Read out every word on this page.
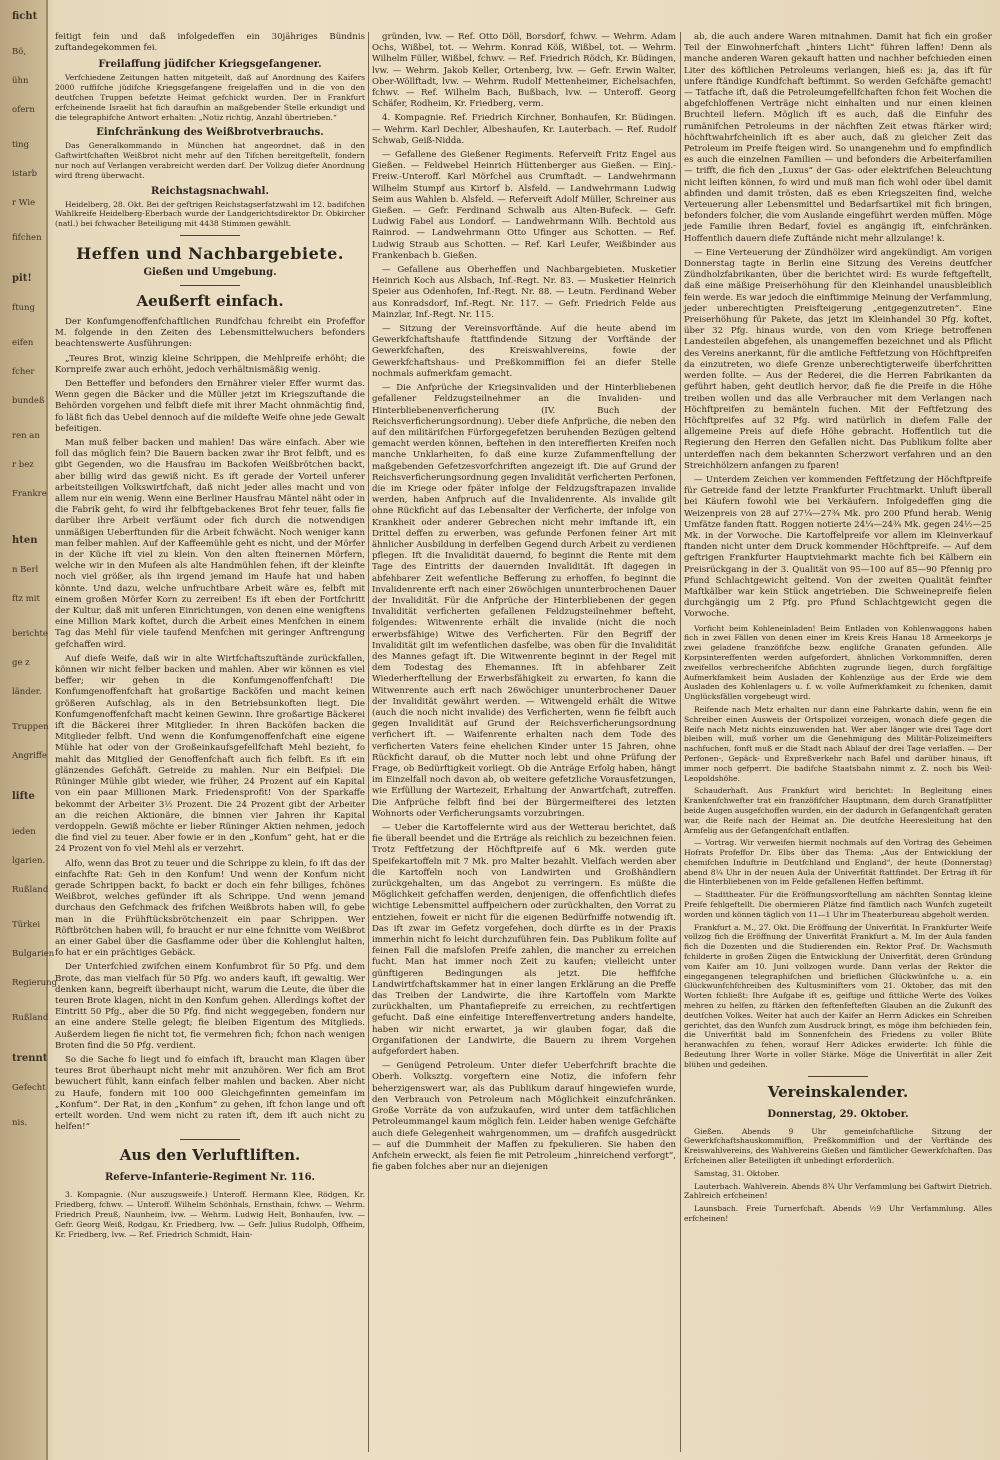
ficht

Bö,

ühn

ofern

ting

istarb

r Wie

fifchen

pit!

ftung

eifen

fcher

bundeß

ren an

r bez

Frankre

hten

n Berl

ftz mit

berichte

ge z

länder.

Truppen

Angriffe

lifte

ieden

lgarien.

Rußland

Türkei

Bulgarien

Regierung

Rußland

trennt

Gefecht

nis.

feitigt fein und daß infolgedeffen ein 30jähriges Bündnis zuftandegekommen fei.

Freilaffung jüdifcher Kriegsgefangener.

Verfchiedene Zeitungen hatten mitgeteilt, daß auf Anordnung des Kaifers 2000 ruffifche jüdifche Kriegsgefangene freigelaffen und in die von den deutfchen Truppen befetzte Heimat gefchickt wurden. Der in Frankfurt erfcheinende Israelit hat fich daraufhin an maßgebender Stelle erkundigt und die telegraphifche Antwort erhalten: „Notiz richtig, Anzahl übertrieben.“

Einfchränkung des Weißbrotverbrauchs.

Das Generalkommando in München hat angeordnet, daß in den Gaftwirtfchaften Weißbrot nicht mehr auf den Tifchen bereitgeftellt, fondern nur noch auf Verlangen verabreicht werden darf. Der Vollzug diefer Anordnung wird ftreng überwacht.

Reichstagsnachwahl.

Heidelberg, 28. Okt. Bei der geftrigen Reichstagserfatzwahl im 12. badifchen Wahlkreife Heidelberg-Eberbach wurde der Landgerichtsdirektor Dr. Obkircher (natl.) bei fchwacher Beteiligung mit 4438 Stimmen gewählt.

Heffen und Nachbargebiete.
Gießen und Umgebung.
Aeußerft einfach.

Der Konfumgenoffenfchaftlichen Rundfchau fchreibt ein Profeffor M. folgende in den Zeiten des Lebensmittelwuchers befonders beachtenswerte Ausführungen:

„Teures Brot, winzig kleine Schrippen, die Mehlpreife erhöht; die Kornpreife zwar auch erhöht, jedoch verhältnismäßig wenig.

Den Betteffer und befonders den Ernährer vieler Effer wurmt das. Wenn gegen die Bäcker und die Müller jetzt im Kriegszuftande die Behörden vorgehen und felbft diefe mit ihrer Macht ohnmächtig find, fo läßt fich das Uebel dennoch auf die mildefte Weife ohne jede Gewalt befeitigen.

Man muß felber backen und mahlen! Das wäre einfach. Aber wie foll das möglich fein? Die Bauern backen zwar ihr Brot felbft, und es gibt Gegenden, wo die Hausfrau im Backofen Weißbrötchen backt, aber billig wird das gewiß nicht. Es ift gerade der Vorteil unferer arbeitsteiligen Volkswirtfchaft, daß nicht jeder alles macht und von allem nur ein wenig. Wenn eine Berliner Hausfrau Mäntel näht oder in die Fabrik geht, fo wird ihr felbftgebackenes Brot fehr teuer, falls fie darüber ihre Arbeit verfäumt oder fich durch die notwendigen unmäßigen Ueberftunden für die Arbeit fchwächt. Noch weniger kann man felber mahlen. Auf der Kaffeemühle geht es nicht, und der Mörfer in der Küche ift viel zu klein. Von den alten fteinernen Mörfern, welche wir in den Mufeen als alte Handmühlen fehen, ift der kleinfte noch viel größer, als ihn irgend jemand im Haufe hat und haben könnte. Und dazu, welche unfruchtbare Arbeit wäre es, felbft mit einem großen Mörfer Korn zu zerreiben! Es ift eben der Fortfchritt der Kultur, daß mit unferen Einrichtungen, von denen eine wenigftens eine Million Mark koftet, durch die Arbeit eines Menfchen in einem Tag das Mehl für viele taufend Menfchen mit geringer Anftrengung gefchaffen wird.

Auf diefe Weife, daß wir in alte Wirtfchaftszuftände zurückfallen, können wir nicht felber backen und mahlen. Aber wir können es viel beffer; wir gehen in die Konfumgenoffenfchaft! Die Konfumgenoffenfchaft hat großartige Backöfen und macht keinen größeren Aufschlag, als in den Betriebsunkoften liegt. Die Konfumgenoffenfchaft macht keinen Gewinn. Ihre großartige Bäckerei ift die Bäckerei ihrer Mitglieder. In ihren Backöfen backen die Mitglieder felbft. Und wenn die Konfumgenoffenfchaft eine eigene Mühle hat oder von der Großeinkaufsgefellfchaft Mehl bezieht, fo mahlt das Mitglied der Genoffenfchaft auch fich felbft. Es ift ein glänzendes Gefchäft. Getreide zu mahlen. Nur ein Beifpiel: Die Rüninger Mühle gibt wieder, wie früher, 24 Prozent auf ein Kapital von ein paar Millionen Mark. Friedensprofit! Von der Sparkaffe bekommt der Arbeiter 3½ Prozent. Die 24 Prozent gibt der Arbeiter an die reichen Aktionäre, die binnen vier Jahren ihr Kapital verdoppeln. Gewiß möchte er lieber Rüninger Aktien nehmen, jedoch die find viel zu teuer. Aber fowie er in den „Konfum“ geht, hat er die 24 Prozent von fo viel Mehl als er verzehrt.

Alfo, wenn das Brot zu teuer und die Schrippe zu klein, fo ift das der einfachfte Rat: Geh in den Konfum! Und wenn der Konfum nicht gerade Schrippen backt, fo backt er doch ein fehr billiges, fchönes Weißbrot, welches gefünder ift als Schrippe. Und wenn jemand durchaus den Gefchmack des frifchen Weißbrots haben will, fo gebe man in die Frühftücksbrötchenzeit ein paar Schrippen. Wer Röftbrötchen haben will, fo braucht er nur eine fchnitte vom Weißbrot an einer Gabel über die Gasflamme oder über die Kohlenglut halten, fo hat er ein prächtiges Gebäck.

Der Unterfchied zwifchen einem Konfumbrot für 50 Pfg. und dem Brote, das man vielfach für 50 Pfg. wo anders kauft, ift gewaltig. Wer denken kann, begreift überhaupt nicht, warum die Leute, die über die teuren Brote klagen, nicht in den Konfum gehen. Allerdings koftet der Eintritt 50 Pfg., aber die 50 Pfg. find nicht weggegeben, fondern nur an eine andere Stelle gelegt; fie bleiben Eigentum des Mitglieds. Außerdem liegen fie nicht tot, fie vermehren fich; fchon nach wenigen Broten find die 50 Pfg. verdient.

So die Sache fo liegt und fo einfach ift, braucht man Klagen über teures Brot überhaupt nicht mehr mit anzuhören. Wer fich am Brot bewuchert fühlt, kann einfach felber mahlen und backen. Aber nicht zu Haufe, fondern mit 100 000 Gleichgefinnten gemeinfam im „Konfum“. Der Rat, in den „Konfum“ zu gehen, ift fchon lange und oft erteilt worden. Und wem nicht zu raten ift, dem ift auch nicht zu helfen!“

Aus den Verluftliften.
Referve-Infanterie-Regiment Nr. 116.

3. Kompagnie. (Nur auszugsweife.) Unteroff. Hermann Klee, Rödgen, Kr. Friedberg, fchwv. — Unteroff. Wilhelm Schönhals, Ernsthain, fchwv. — Wehrm. Friedrich Preuß, Naunheim, lvw. — Wehrm. Ludwig Helt, Bonhaufen, lvw. — Gefr. Georg Weiß, Rodgau, Kr. Friedberg, lvw. — Gefr. Julius Rudolph, Offheim, Kr. Friedberg, lvw. — Ref. Friedrich Schmidt, Hain-

gründen, lvw. — Ref. Otto Döll, Borsdorf, fchwv. — Wehrm. Adam Ochs, Wißbel, tot. — Wehrm. Konrad Köß, Wißbel, tot. — Wehrm. Wilhelm Füller, Wißbel, fchwv. — Ref. Friedrich Rödch, Kr. Büdingen, lvw. — Wehrm. Jakob Keller, Ortenberg, lvw. — Gefr. Erwin Walter, Ober-Wöllftadt, lvw. — Wehrm. Rudolf Mettenheimer, Eichelsachfen, fchwv. — Ref. Wilhelm Bach, Bußbach, lvw. — Unteroff. Georg Schäfer, Rodheim, Kr. Friedberg, verm.

4. Kompagnie. Ref. Friedrich Kirchner, Bonhaufen, Kr. Büdingen. — Wehrm. Karl Dechler, Albeshaufen, Kr. Lauterbach. — Ref. Rudolf Schwab, Geiß-Nidda.

— Gefallene des Gießener Regiments. Referveift Fritz Engel aus Gießen. — Feldwebel Heinrich Hüttenberger aus Gießen. — Einj.-Freiw.-Unteroff. Karl Mörfchel aus Crumftadt. — Landwehrmann Wilhelm Stumpf aus Kirtorf b. Alsfeld. — Landwehrmann Ludwig Seim aus Wahlen b. Alsfeld. — Referveift Adolf Müller, Schreiner aus Gießen. — Gefr. Ferdinand Schwalb aus Alten-Bufeck. — Gefr. Ludwig Fabel aus Londorf. — Landwehrmann Wilh. Bechtold aus Rainrod. — Landwehrmann Otto Ufinger aus Schotten. — Ref. Ludwig Straub aus Schotten. — Ref. Karl Leufer, Weißbinder aus Frankenbach b. Gießen.

— Gefallene aus Oberheffen und Nachbargebieten. Musketier Heinrich Koch aus Alsbach, Inf.-Regt. Nr. 83. — Musketier Heinrich Speier aus Odenhofen, Inf.-Regt. Nr. 88. — Leutn. Ferdinand Weber aus Konradsdorf, Inf.-Regt. Nr. 117. — Gefr. Friedrich Felde aus Mainzlar, Inf.-Regt. Nr. 115.

— Sitzung der Vereinsvorftände. Auf die heute abend im Gewerkfchaftshaufe ftattfindende Sitzung der Vorftände der Gewerkfchaften, des Kreiswahlvereins, fowie der Gewerkfchaftshaus- und Preßkommiffion fei an diefer Stelle nochmals aufmerkfam gemacht.

— Die Anfprüche der Kriegsinvaliden und der Hinterbliebenen gefallener Feldzugsteilnehmer an die Invaliden- und Hinterbliebenenverficherung (IV. Buch der Reichsverficherungsordnung). Ueber diefe Anfprüche, die neben den auf den militärifchen Fürforgegefetzen beruhenden Bezügen geltend gemacht werden können, beftehen in den intereffierten Kreifen noch manche Unklarheiten, fo daß eine kurze Zufammenftellung der maßgebenden Gefetzesvorfchriften angezeigt ift. Die auf Grund der Reichsverficherungsordnung gegen Invalidität verficherten Perfonen, die im Kriege oder fpäter infolge der Feldzugsftrapazen invalide werden, haben Anfpruch auf die Invalidenrente. Als invalide gilt ohne Rückficht auf das Lebensalter der Verficherte, der infolge von Krankheit oder anderer Gebrechen nicht mehr imftande ift, ein Drittel deffen zu erwerben, was gefunde Perfonen feiner Art mit ähnlicher Ausbildung in derfelben Gegend durch Arbeit zu verdienen pflegen. Ift die Invalidität dauernd, fo beginnt die Rente mit dem Tage des Eintritts der dauernden Invalidität. Ift dagegen in abfehbarer Zeit wefentliche Befferung zu erhoffen, fo beginnt die Invalidenrente erft nach einer 26wöchigen ununterbrochenen Dauer der Invalidität. Für die Anfprüche der Hinterbliebenen der gegen Invalidität verficherten gefallenen Feldzugsteilnehmer befteht, folgendes: Witwenrente erhält die invalide (nicht die noch erwerbsfähige) Witwe des Verficherten. Für den Begriff der Invalidität gilt im wefentlichen dasfelbe, was oben für die Invalidität des Mannes gefagt ift. Die Witwenrente beginnt in der Regel mit dem Todestag des Ehemannes. Ift in abfehbarer Zeit Wiederherftellung der Erwerbsfähigkeit zu erwarten, fo kann die Witwenrente auch erft nach 26wöchiger ununterbrochener Dauer der Invalidität gewährt werden. — Witwengeld erhält die Witwe (auch die noch nicht invalide) des Verficherten, wenn fie felbft auch gegen Invalidität auf Grund der Reichsverficherungsordnung verfichert ift. — Waifenrente erhalten nach dem Tode des verficherten Vaters feine ehelichen Kinder unter 15 Jahren, ohne Rückficht darauf, ob die Mutter noch lebt und ohne Prüfung der Frage, ob Bedürftigkeit vorliegt. Ob die Anträge Erfolg haben, hängt im Einzelfall noch davon ab, ob weitere gefetzliche Vorausfetzungen, wie Erfüllung der Wartezeit, Erhaltung der Anwartfchaft, zutreffen. Die Anfprüche felbft find bei der Bürgermeifterei des letzten Wohnorts oder Verficherungsamts vorzubringen.

— Ueber die Kartoffelernte wird aus der Wetterau berichtet, daß fie überall beendet und die Erträge als reichlich zu bezeichnen feien. Trotz Feftfetzung der Höchftpreife auf 6 Mk. werden gute Speifekartoffeln mit 7 Mk. pro Malter bezahlt. Vielfach werden aber die Kartoffeln noch von Landwirten und Großhändlern zurückgehalten, um das Angebot zu verringern. Es müßte die Möglichkeit gefchaffen werden, denjenigen, die offenfichtlich diefes wichtige Lebensmittel auffpeichern oder zurückhalten, den Vorrat zu entziehen, foweit er nicht für die eigenen Bedürfniffe notwendig ift. Das ift zwar im Gefetz vorgefehen, doch dürfte es in der Praxis immerhin nicht fo leicht durchzuführen fein. Das Publikum follte auf feinen Fall die mafslofen Preife zahlen, die mancher zu erreichen fucht. Man hat immer noch Zeit zu kaufen; vielleicht unter günftigeren Bedingungen als jetzt. Die heffifche Landwirtfchaftskammer hat in einer langen Erklärung an die Preffe das Treiben der Landwirte, die ihre Kartoffeln vom Markte zurückhalten, um Phantafiepreife zu erreichen, zu rechtfertigen gefucht. Daß eine einfeitige Intereffenvertretung anders handelte, haben wir nicht erwartet, ja wir glauben fogar, daß die Organifationen der Landwirte, die Bauern zu ihrem Vorgehen aufgefordert haben.

— Genügend Petroleum. Unter diefer Ueberfchrift brachte die Oberh. Volksztg. vorgeftern eine Notiz, die infofern fehr beherzigenswert war, als das Publikum darauf hingewiefen wurde, den Verbrauch von Petroleum nach Möglichkeit einzufchränken. Große Vorräte da von aufzukaufen, wird unter dem tatfächlichen Petroleummangel kaum möglich fein. Leider haben wenige Gefchäfte auch diefe Gelegenheit wahrgenommen, um — drafifch ausgedrückt — auf die Dummheit der Maffen zu fpekulieren. Sie haben den Anfchein erweckt, als feien fie mit Petroleum „hinreichend verforgt“, fie gaben folches aber nur an diejenigen

ab, die auch andere Waren mitnahmen. Damit hat fich ein großer Teil der Einwohnerfchaft „hinters Licht“ führen laffen! Denn als manche anderen Waren gekauft hatten und nachher befchieden einen Liter des köftlichen Petroleums verlangen, hieß es: ja, das ift für unfere ftändige Kundfchaft beftimmt. So werden Gefchäfte gemacht! — Tatfache ift, daß die Petroleumgefellfchaften fchon feit Wochen die abgefchloffenen Verträge nicht einhalten und nur einen kleinen Bruchteil liefern. Möglich ift es auch, daß die Einfuhr des rumänifchen Petroleums in der nächften Zeit etwas ftärker wird; höchftwahrfcheinlich ift es aber auch, daß zu gleicher Zeit das Petroleum im Preife fteigen wird. So unangenehm und fo empfindlich es auch die einzelnen Familien — und befonders die Arbeiterfamilien — trifft, die fich den „Luxus“ der Gas- oder elektrifchen Beleuchtung nicht leiften können, fo wird und muß man fich wohl oder übel damit abfinden und damit trösten, daß es eben Kriegszeiten find, welche Verteuerung aller Lebensmittel und Bedarfsartikel mit fich bringen, befonders folcher, die vom Auslande eingeführt werden müffen. Möge jede Familie ihren Bedarf, foviel es angängig ift, einfchränken. Hoffentlich dauern diefe Zuftände nicht mehr allzulange! k.

— Eine Verteuerung der Zündhölzer wird angekündigt. Am vorigen Donnerstag tagte in Berlin eine Sitzung des Vereins deutfcher Zündholzfabrikanten, über die berichtet wird: Es wurde feftgeftellt, daß eine mäßige Preiserhöhung für den Kleinhandel unausbleiblich fein werde. Es war jedoch die einftimmige Meinung der Verfammlung, jeder unberechtigten Preisfteigerung „entgegenzutreten“. Eine Preiserhöhung für Pakete, das jetzt im Kleinhandel 30 Pfg. koftet, über 32 Pfg. hinaus wurde, von den vom Kriege betroffenen Landesteilen abgefehen, als unangemeffen bezeichnet und als Pflicht des Vereins anerkannt, für die amtliche Feftfetzung von Höchftpreifen da einzutreten, wo diefe Grenze unberechtigterweife überfchritten werden follte. — Aus der Rederei, die die Herren Fabrikanten da geführt haben, geht deutlich hervor, daß fie die Preife in die Höhe treiben wollen und das alle Verbraucher mit dem Verlangen nach Höchftpreifen zu bemänteln fuchen. Mit der Feftfetzung des Höchftpreifes auf 32 Pfg. wird natürlich in diefem Falle der allgemeine Preis auf diefe Höhe gebracht. Hoffentlich tut die Regierung den Herren den Gefallen nicht. Das Publikum follte aber unterdeffen nach dem bekannten Scherzwort verfahren und an den Streichhölzern anfangen zu fparen!

— Unterdem Zeichen ver kommenden Feftfetzung der Höchftpreife für Getreide fand der letzte Frankfurter Fruchtmarkt. Unluft überall bei Käufern fowohl wie bei Verkäufern. Infolgedeffen ging die Weizenpreis von 28 auf 27¼—27¾ Mk. pro 200 Pfund herab. Wenig Umfätze fanden ftatt. Roggen notierte 24¼—24¾ Mk. gegen 24½—25 Mk. in der Vorwoche. Die Kartoffelpreife vor allem im Kleinverkauf ftanden nicht unter dem Druck kommender Höchftpreife. — Auf dem geftrigen Frankfurter Hauptviehmarkt machte fich bei Kälbern ein Preisrückgang in der 3. Qualität von 95—100 auf 85—90 Pfennig pro Pfund Schlachtgewicht geltend. Von der zweiten Qualität feinfter Maftkälber war kein Stück angetrieben. Die Schweinepreife fielen durchgängig um 2 Pfg. pro Pfund Schlachtgewicht gegen die Vorwoche.

Vorficht beim Kohleneinladen! Beim Entladen von Kohlenwaggons haben fich in zwei Fällen von denen einer im Kreis Kreis Hanau 18 Armeekorps je zwei geladene franzöfifche bezw. englifche Granaten gefunden. Alle Korpsintereffenten werden aufgefordert, ähnlichen Vorkommniffen, deren zweifellos verbrecherifche Abfichten zugrunde liegen, durch forgfältige Aufmerkfamkeit beim Ausladen der Kohlenzüge aus der Erde wie dem Ausladen des Kohlenlagers u. f. w. volle Aufmerkfamkeit zu fchenken, damit Unglücksfällen vorgebeugt wird.

Reifende nach Metz erhalten nur dann eine Fahrkarte dahin, wenn fie ein Schreiber einen Ausweis der Ortspolizei vorzeigen, wonach diefe gegen die Reife nach Metz nichts einzuwenden hat. Wer aber länger wie drei Tage dort bleiben will, muß vorher um die Genehmigung des Militär-Polizeimeifters nachfuchen, fonft muß er die Stadt nach Ablauf der drei Tage verlaffen. — Der Perfonen-, Gepäck- und Expreßverkehr nach Bafel und darüber hinaus, ift immer noch gefperrt. Die badifche Staatsbahn nimmt z. Z. noch bis Weil-Leopoldshöhe.

Schauderhaft. Aus Frankfurt wird berichtet: In Begleitung eines Krankenfchwefter trat ein franzöfifcher Hauptmann, dem durch Granatfplitter beide Augen ausgefchoffen wurden, ein der dadurch in Gefangenfchaft geraten war, die Reife nach der Heimat an. Die deutfche Heeresleitung hat den Armfelig aus der Gefangenfchaft entlaffen.

— Vortrag. Wir verweifen hiermit nochmals auf den Vortrag des Geheimen Hofrats Profeffor Dr. Elbs über das Thema: „Aus der Entwicklung der chemifchen Induftrie in Deutfchland und England“, der heute (Donnerstag) abend 8¼ Uhr in der neuen Aula der Univerfität ftattfindet. Der Ertrag ift für die Hinterbliebenen von im Felde gefallenen Heffen beftimmt.

— Stadttheater. Für die Eröffnungsvorftellung am nächften Sonntag kleine Preife fehlgeftellt. Die obermieren Plätze find fämtlich nach Wunfch zugeteilt worden und können täglich von 11—1 Uhr im Theaterbureau abgeholt werden.

Frankfurt a. M., 27. Okt. Die Eröffnung der Univerfität. In Frankfurter Weife vollzog fich die Eröffnung der Univerfität Frankfurt a. M. Im der Aula fanden fich die Dozenten und die Studierenden ein. Rektor Prof. Dr. Wachsmuth fchilderte in großen Zügen die Entwicklung der Univerfität, deren Gründung vom Kaifer am 10. Juni vollzogen wurde. Dann verlas der Rektor die eingegangenen telegraphifchen und brieflichen Glückwünfche u. a. ein Glückwunfchfchreiben des Kultusminifters vom 21. Oktober, das mit den Worten fchließt: Ihre Aufgabe ift es, geiftige und fittliche Werte des Volkes mehren zu helfen, zu ftärken den feftenfefteften Glauben an die Zukunft des deutfchen Volkes. Weiter hat auch der Kaifer an Herrn Adickes ein Schreiben gerichtet, das den Wunfch zum Ausdruck bringt, es möge ihm befchieden fein, die Univerfität bald im Sonnenfchein des Friedens zu voller Blüte heranwachfen zu fehen, worauf Herr Adickes erwiderte: Ich fühle die Bedeutung Ihrer Worte in voller Stärke. Möge die Univerfität in aller Zeit blühen und gedeihen.

Vereinskalender.
Donnerstag, 29. Oktober.

Gießen. Abends 9 Uhr gemeinfchaftliche Sitzung der Gewerkfchaftshauskommiffion, Preßkommiffion und der Vorftände des Kreiswahlvereins, des Wahlvereins Gießen und fämtlicher Gewerkfchaften. Das Erfcheinen aller Beteiligten ift unbedingt erforderlich.

Samstag, 31. Oktober.

Lauterbach. Wahlverein. Abends 8¾ Uhr Verfammlung bei Gaftwirt Dietrich. Zahlreich erfcheinen!

Launsbach. Freie Turnerfchaft. Abends ½9 Uhr Verfammlung. Alles erfcheinen!
